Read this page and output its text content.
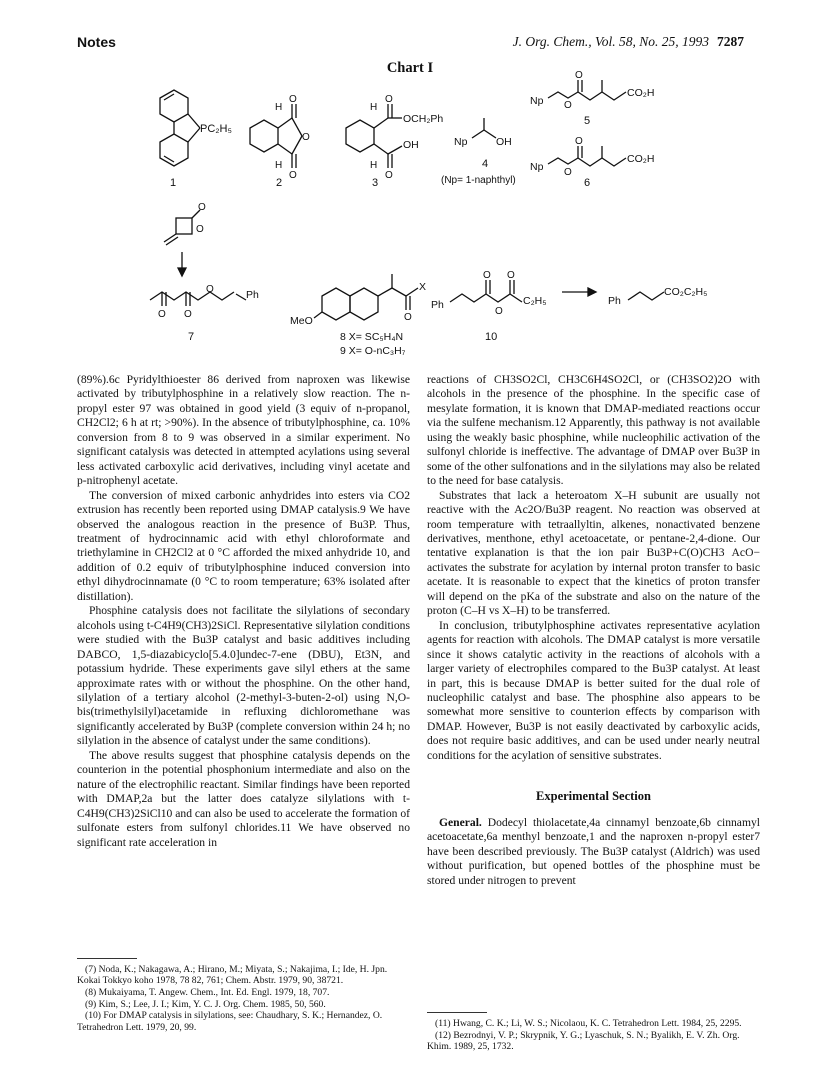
Notes	J. Org. Chem., Vol. 58, No. 25, 1993 7287
Chart I
PC₂H₅
1
O
O
O
H
H
2
O
O
H
H
OCH₂Ph
OH
3
Np	OH
4
(Np= 1-naphthyl)
Np O
O
CO₂H
5
Np O
O
CO₂H
6
O
O
O O
O	Ph
7
MeO
X
O
8 X= SC₅H₄N
9 X= O-nC₃H₇
Ph	C₂H₅
O O
O
10
Ph
CO₂C₂H₅

(89%).6c Pyridylthioester 86 derived from naproxen was likewise activated by tributylphosphine in a relatively slow reaction. The n-propyl ester 97 was obtained in good yield (3 equiv of n-propanol, CH2Cl2; 6 h at rt; >90%). In the absence of tributylphosphine, ca. 10% conversion from 8 to 9 was observed in a similar experiment. No significant catalysis was detected in attempted acylations using several less activated carboxylic acid derivatives, including vinyl acetate and p-nitrophenyl acetate.

The conversion of mixed carbonic anhydrides into esters via CO2 extrusion has recently been reported using DMAP catalysis.9 We have observed the analogous reaction in the presence of Bu3P. Thus, treatment of hydrocinnamic acid with ethyl chloroformate and triethylamine in CH2Cl2 at 0 °C afforded the mixed anhydride 10, and addition of 0.2 equiv of tributylphosphine induced conversion into ethyl dihydrocinnamate (0 °C to room temperature; 63% isolated after distillation).

Phosphine catalysis does not facilitate the silylations of secondary alcohols using t-C4H9(CH3)2SiCl. Representative silylation conditions were studied with the Bu3P catalyst and basic additives including DABCO, 1,5-diazabicyclo[5.4.0]undec-7-ene (DBU), Et3N, and potassium hydride. These experiments gave silyl ethers at the same approximate rates with or without the phosphine. On the other hand, silylation of a tertiary alcohol (2-methyl-3-buten-2-ol) using N,O-bis(trimethylsilyl)acetamide in refluxing dichloromethane was significantly accelerated by Bu3P (complete conversion within 24 h; no silylation in the absence of catalyst under the same conditions).

The above results suggest that phosphine catalysis depends on the counterion in the potential phosphonium intermediate and also on the nature of the electrophilic reactant. Similar findings have been reported with DMAP,2a but the latter does catalyze silylations with t-C4H9(CH3)2SiCl10 and can also be used to accelerate the formation of sulfonate esters from sulfonyl chlorides.11 We have observed no significant rate acceleration in

reactions of CH3SO2Cl, CH3C6H4SO2Cl, or (CH3SO2)2O with alcohols in the presence of the phosphine. In the specific case of mesylate formation, it is known that DMAP-mediated reactions occur via the sulfene mechanism.12 Apparently, this pathway is not available using the weakly basic phosphine, while nucleophilic activation of the sulfonyl chloride is ineffective. The advantage of DMAP over Bu3P in some of the other sulfonations and in the silylations may also be related to the need for base catalysis.

Substrates that lack a heteroatom X–H subunit are usually not reactive with the Ac2O/Bu3P reagent. No reaction was observed at room temperature with tetraallyltin, alkenes, nonactivated benzene derivatives, menthone, ethyl acetoacetate, or pentane-2,4-dione. Our tentative explanation is that the ion pair Bu3P+C(O)CH3 AcO− activates the substrate for acylation by internal proton transfer to basic acetate. It is reasonable to expect that the kinetics of proton transfer will depend on the pKa of the substrate and also on the nature of the proton (C–H vs X–H) to be transferred.

In conclusion, tributylphosphine activates representative acylation agents for reaction with alcohols. The DMAP catalyst is more versatile since it shows catalytic activity in the reactions of alcohols with a larger variety of electrophiles compared to the Bu3P catalyst. At least in part, this is because DMAP is better suited for the dual role of nucleophilic catalyst and base. The phosphine also appears to be somewhat more sensitive to counterion effects by comparison with DMAP. However, Bu3P is not easily deactivated by carboxylic acids, does not require basic additives, and can be used under nearly neutral conditions for the acylation of sensitive substrates.

Experimental Section

General. Dodecyl thiolacetate,4a cinnamyl benzoate,6b cinnamyl acetoacetate,6a menthyl benzoate,1 and the naproxen n-propyl ester7 have been described previously. The Bu3P catalyst (Aldrich) was used without purification, but opened bottles of the phosphine must be stored under nitrogen to prevent

(7) Noda, K.; Nakagawa, A.; Hirano, M.; Miyata, S.; Nakajima, I.; Ide, H. Jpn. Kokai Tokkyo koho 1978, 78 82, 761; Chem. Abstr. 1979, 90, 38721.

(8) Mukaiyama, T. Angew. Chem., Int. Ed. Engl. 1979, 18, 707.

(9) Kim, S.; Lee, J. I.; Kim, Y. C. J. Org. Chem. 1985, 50, 560.

(10) For DMAP catalysis in silylations, see: Chaudhary, S. K.; Hernandez, O. Tetrahedron Lett. 1979, 20, 99.	(11) Hwang, C. K.; Li, W. S.; Nicolaou, K. C. Tetrahedron Lett. 1984, 25, 2295.

(12) Bezrodnyi, V. P.; Skrypnik, Y. G.; Lyaschuk, S. N.; Byalikh, E. V. Zh. Org. Khim. 1989, 25, 1732.
